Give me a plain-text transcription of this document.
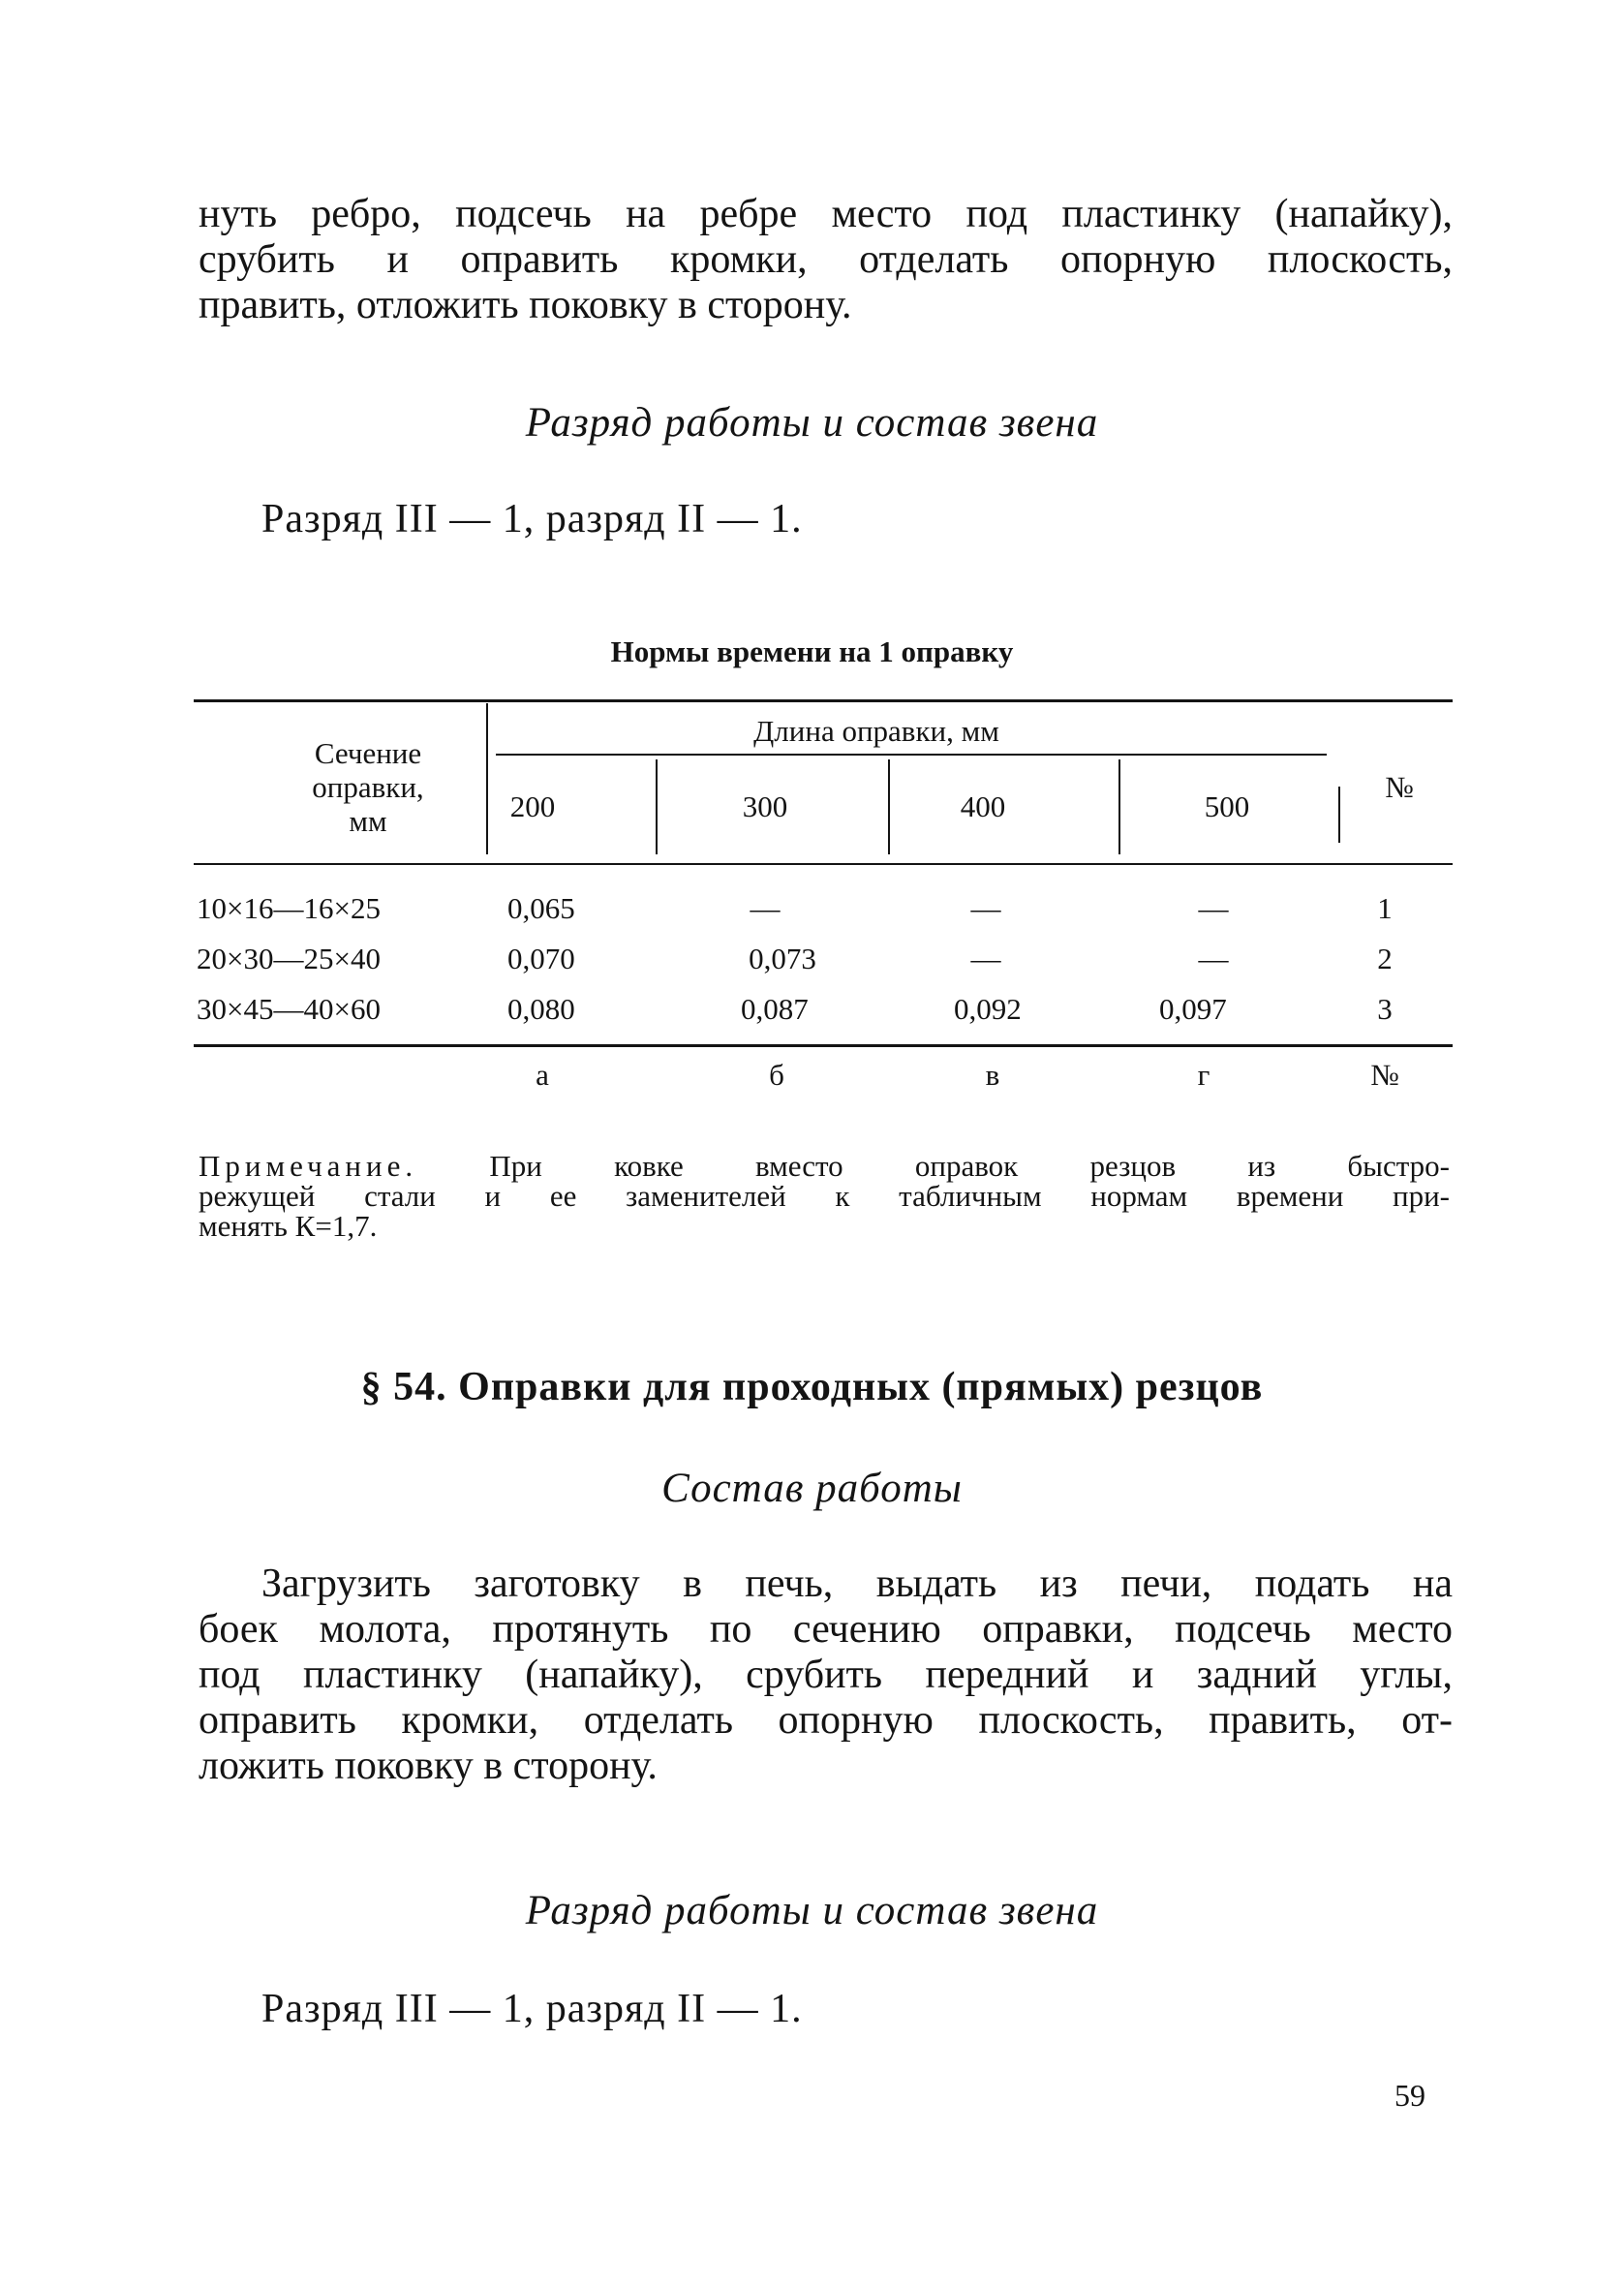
нуть ребро, подсечь на ребре место под пластинку (напайку),
срубить и оправить кромки, отделать опорную плоскость,
править, отложить поковку в сторону.
Разряд работы и состав звена
Разряд III — 1, разряд II — 1.
Нормы времени на 1 оправку
Сечение
оправки,
мм
Длина оправки, мм
200	300	400	500
№
10×16—16×25	0,065	—	—	—	1
20×30—25×40	0,070	0,073	—	—	2
30×45—40×60	0,080	0,087	0,092	0,097	3
а	б	в	г	№
Примечание. При ковке вместо оправок резцов из быстро-
режущей стали и ее заменителей к табличным нормам времени при-
менять К=1,7.
§ 54. Оправки для проходных (прямых) резцов
Состав работы
Загрузить заготовку в печь, выдать из печи, подать на
боек молота, протянуть по сечению оправки, подсечь место
под пластинку (напайку), срубить передний и задний углы,
оправить кромки, отделать опорную плоскость, править, от-
ложить поковку в сторону.
Разряд работы и состав звена
Разряд III — 1, разряд II — 1.
59
